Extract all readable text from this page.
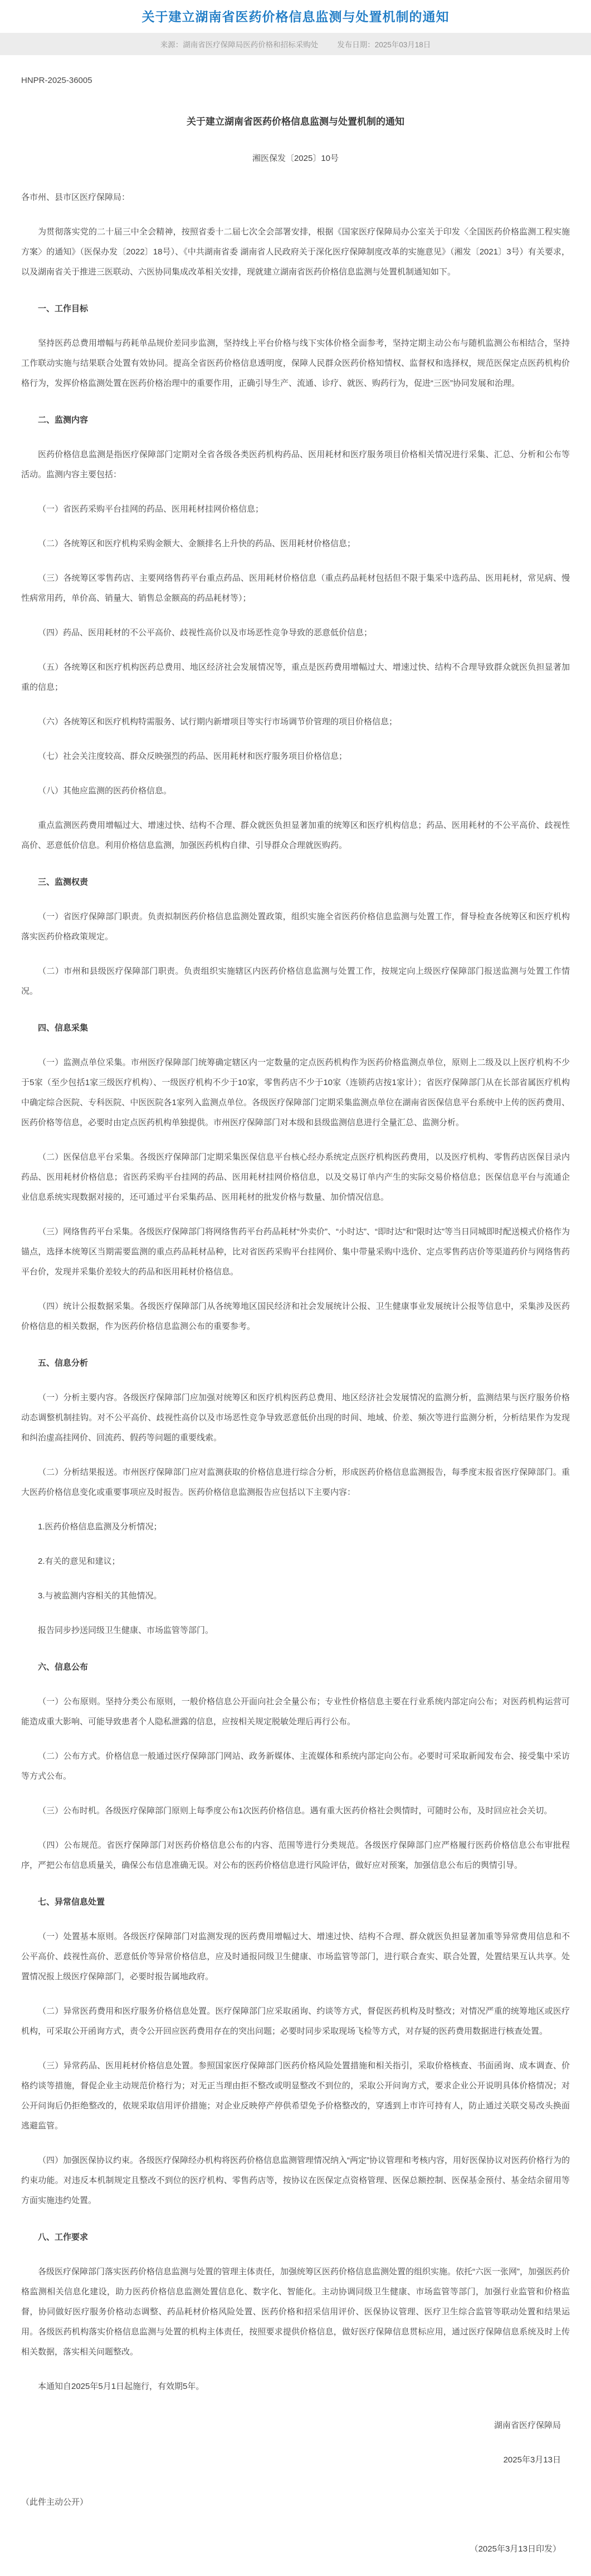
关于建立湖南省医药价格信息监测与处置机制的通知
来源：湖南省医疗保障局医药价格和招标采购处	发布日期：2025年03月18日
HNPR-2025-36005
关于建立湖南省医药价格信息监测与处置机制的通知
湘医保发〔2025〕10号
各市州、县市区医疗保障局：
为贯彻落实党的二十届三中全会精神，按照省委十二届七次全会部署安排，根据《国家医疗保障局办公室关于印发〈全国医药价格监测工程实施方案〉的通知》（医保办发〔2022〕18号）、《中共湖南省委 湖南省人民政府关于深化医疗保障制度改革的实施意见》（湘发〔2021〕3号）有关要求，以及湖南省关于推进三医联动、六医协同集成改革相关安排，现就建立湖南省医药价格信息监测与处置机制通知如下。
一、工作目标
坚持医药总费用增幅与药耗单品规价差同步监测，坚持线上平台价格与线下实体价格全面参考，坚持定期主动公布与随机监测公布相结合，坚持工作联动实施与结果联合处置有效协同。提高全省医药价格信息透明度，保障人民群众医药价格知情权、监督权和选择权，规范医保定点医药机构价格行为，发挥价格监测处置在医药价格治理中的重要作用，正确引导生产、流通、诊疗、就医、购药行为，促进“三医”协同发展和治理。
二、监测内容
医药价格信息监测是指医疗保障部门定期对全省各级各类医药机构药品、医用耗材和医疗服务项目价格相关情况进行采集、汇总、分析和公布等活动。监测内容主要包括：
（一）省医药采购平台挂网的药品、医用耗材挂网价格信息；
（二）各统筹区和医疗机构采购金额大、金额排名上升快的药品、医用耗材价格信息；
（三）各统筹区零售药店、主要网络售药平台重点药品、医用耗材价格信息（重点药品耗材包括但不限于集采中选药品、医用耗材，常见病、慢性病常用药，单价高、销量大、销售总金额高的药品耗材等）；
（四）药品、医用耗材的不公平高价、歧视性高价以及市场恶性竞争导致的恶意低价信息；
（五）各统筹区和医疗机构医药总费用、地区经济社会发展情况等，重点是医药费用增幅过大、增速过快、结构不合理导致群众就医负担显著加重的信息；
（六）各统筹区和医疗机构特需服务、试行期内新增项目等实行市场调节价管理的项目价格信息；
（七）社会关注度较高、群众反映强烈的药品、医用耗材和医疗服务项目价格信息；
（八）其他应监测的医药价格信息。
重点监测医药费用增幅过大、增速过快、结构不合理、群众就医负担显著加重的统筹区和医疗机构信息；药品、医用耗材的不公平高价、歧视性高价、恶意低价信息。利用价格信息监测，加强医药机构自律、引导群众合理就医购药。
三、监测权责
（一）省医疗保障部门职责。负责拟制医药价格信息监测处置政策，组织实施全省医药价格信息监测与处置工作，督导检查各统筹区和医疗机构落实医药价格政策规定。
（二）市州和县级医疗保障部门职责。负责组织实施辖区内医药价格信息监测与处置工作，按规定向上级医疗保障部门报送监测与处置工作情况。
四、信息采集
（一）监测点单位采集。市州医疗保障部门统筹确定辖区内一定数量的定点医药机构作为医药价格监测点单位，原则上二级及以上医疗机构不少于5家（至少包括1家三级医疗机构）、一级医疗机构不少于10家，零售药店不少于10家（连锁药店按1家计）；省医疗保障部门从在长部省属医疗机构中确定综合医院、专科医院、中医医院各1家列入监测点单位。各级医疗保障部门定期采集监测点单位在湖南省医保信息平台系统中上传的医药费用、医药价格等信息，必要时由定点医药机构单独提供。市州医疗保障部门对本级和县级监测信息进行全量汇总、监测分析。
（二）医保信息平台采集。各级医疗保障部门定期采集医保信息平台核心经办系统定点医疗机构医药费用，以及医疗机构、零售药店医保目录内药品、医用耗材价格信息；省医药采购平台挂网的药品、医用耗材挂网价格信息，以及交易订单内产生的实际交易价格信息；医保信息平台与流通企业信息系统实现数据对接的，还可通过平台采集药品、医用耗材的批发价格与数量、加价情况信息。
（三）网络售药平台采集。各级医疗保障部门将网络售药平台药品耗材“外卖价”、“小时达”、“即时达”和“限时达”等当日同城即时配送模式价格作为锚点，选择本统筹区当期需要监测的重点药品耗材品种，比对省医药采购平台挂网价、集中带量采购中选价、定点零售药店价等渠道药价与网络售药平台价，发现并采集价差较大的药品和医用耗材价格信息。
（四）统计公报数据采集。各级医疗保障部门从各统筹地区国民经济和社会发展统计公报、卫生健康事业发展统计公报等信息中，采集涉及医药价格信息的相关数据，作为医药价格信息监测公布的重要参考。
五、信息分析
（一）分析主要内容。各级医疗保障部门应加强对统筹区和医疗机构医药总费用、地区经济社会发展情况的监测分析，监测结果与医疗服务价格动态调整机制挂钩。对不公平高价、歧视性高价以及市场恶性竞争导致恶意低价出现的时间、地域、价差、频次等进行监测分析，分析结果作为发现和纠治虚高挂网价、回流药、假药等问题的重要线索。
（二）分析结果报送。市州医疗保障部门应对监测获取的价格信息进行综合分析，形成医药价格信息监测报告，每季度末报省医疗保障部门。重大医药价格信息变化或重要事项应及时报告。医药价格信息监测报告应包括以下主要内容：
1.医药价格信息监测及分析情况；
2.有关的意见和建议；
3.与被监测内容相关的其他情况。
报告同步抄送同级卫生健康、市场监管等部门。
六、信息公布
（一）公布原则。坚持分类公布原则，一般价格信息公开面向社会全量公布；专业性价格信息主要在行业系统内部定向公布；对医药机构运营可能造成重大影响、可能导致患者个人隐私泄露的信息，应按相关规定脱敏处理后再行公布。
（二）公布方式。价格信息一般通过医疗保障部门网站、政务新媒体、主流媒体和系统内部定向公布。必要时可采取新闻发布会、接受集中采访等方式公布。
（三）公布时机。各级医疗保障部门原则上每季度公布1次医药价格信息。遇有重大医药价格社会舆情时，可随时公布，及时回应社会关切。
（四）公布规范。省医疗保障部门对医药价格信息公布的内容、范围等进行分类规范。各级医疗保障部门应严格履行医药价格信息公布审批程序，严把公布信息质量关，确保公布信息准确无误。对公布的医药价格信息进行风险评估，做好应对预案，加强信息公布后的舆情引导。
七、异常信息处置
（一）处置基本原则。各级医疗保障部门对监测发现的医药费用增幅过大、增速过快、结构不合理、群众就医负担显著加重等异常费用信息和不公平高价、歧视性高价、恶意低价等异常价格信息，应及时通报同级卫生健康、市场监管等部门，进行联合查实、联合处置，处置结果互认共享。处置情况报上级医疗保障部门，必要时报告属地政府。
（二）异常医药费用和医疗服务价格信息处置。医疗保障部门应采取函询、约谈等方式，督促医药机构及时整改；对情况严重的统筹地区或医疗机构，可采取公开函询方式，责令公开回应医药费用存在的突出问题；必要时同步采取现场飞检等方式，对存疑的医药费用数据进行核查处置。
（三）异常药品、医用耗材价格信息处置。参照国家医疗保障部门医药价格风险处置措施和相关指引，采取价格核查、书面函询、成本调查、价格约谈等措施，督促企业主动规范价格行为；对无正当理由拒不整改或明显整改不到位的，采取公开问询方式，要求企业公开说明具体价格情况；对公开问询后仍拒绝整改的，依规采取信用评价措施；对企业反映停产停供希望免予价格整改的，穿透到上市许可持有人，防止通过关联交易改头换面逃避监管。
（四）加强医保协议约束。各级医疗保障经办机构将医药价格信息监测管理情况纳入“两定”协议管理和考核内容，用好医保协议对医药价格行为的约束功能。对违反本机制规定且整改不到位的医疗机构、零售药店等，按协议在医保定点资格管理、医保总额控制、医保基金预付、基金结余留用等方面实施违约处置。
八、工作要求
各级医疗保障部门落实医药价格信息监测与处置的管理主体责任，加强统筹区医药价格信息监测处置的组织实施。依托“六医一张网”，加强医药价格监测相关信息化建设，助力医药价格信息监测处置信息化、数字化、智能化。主动协调同级卫生健康、市场监管等部门，加强行业监管和价格监督，协同做好医疗服务价格动态调整、药品耗材价格风险处置、医药价格和招采信用评价、医保协议管理、医疗卫生综合监管等联动处置和结果运用。各级医药机构落实价格信息监测与处置的机构主体责任，按照要求提供价格信息，做好医疗保障信息贯标应用，通过医疗保障信息系统及时上传相关数据，落实相关问题整改。
本通知自2025年5月1日起施行，有效期5年。
湖南省医疗保障局
2025年3月13日
（此件主动公开）
（2025年3月13日印发）
